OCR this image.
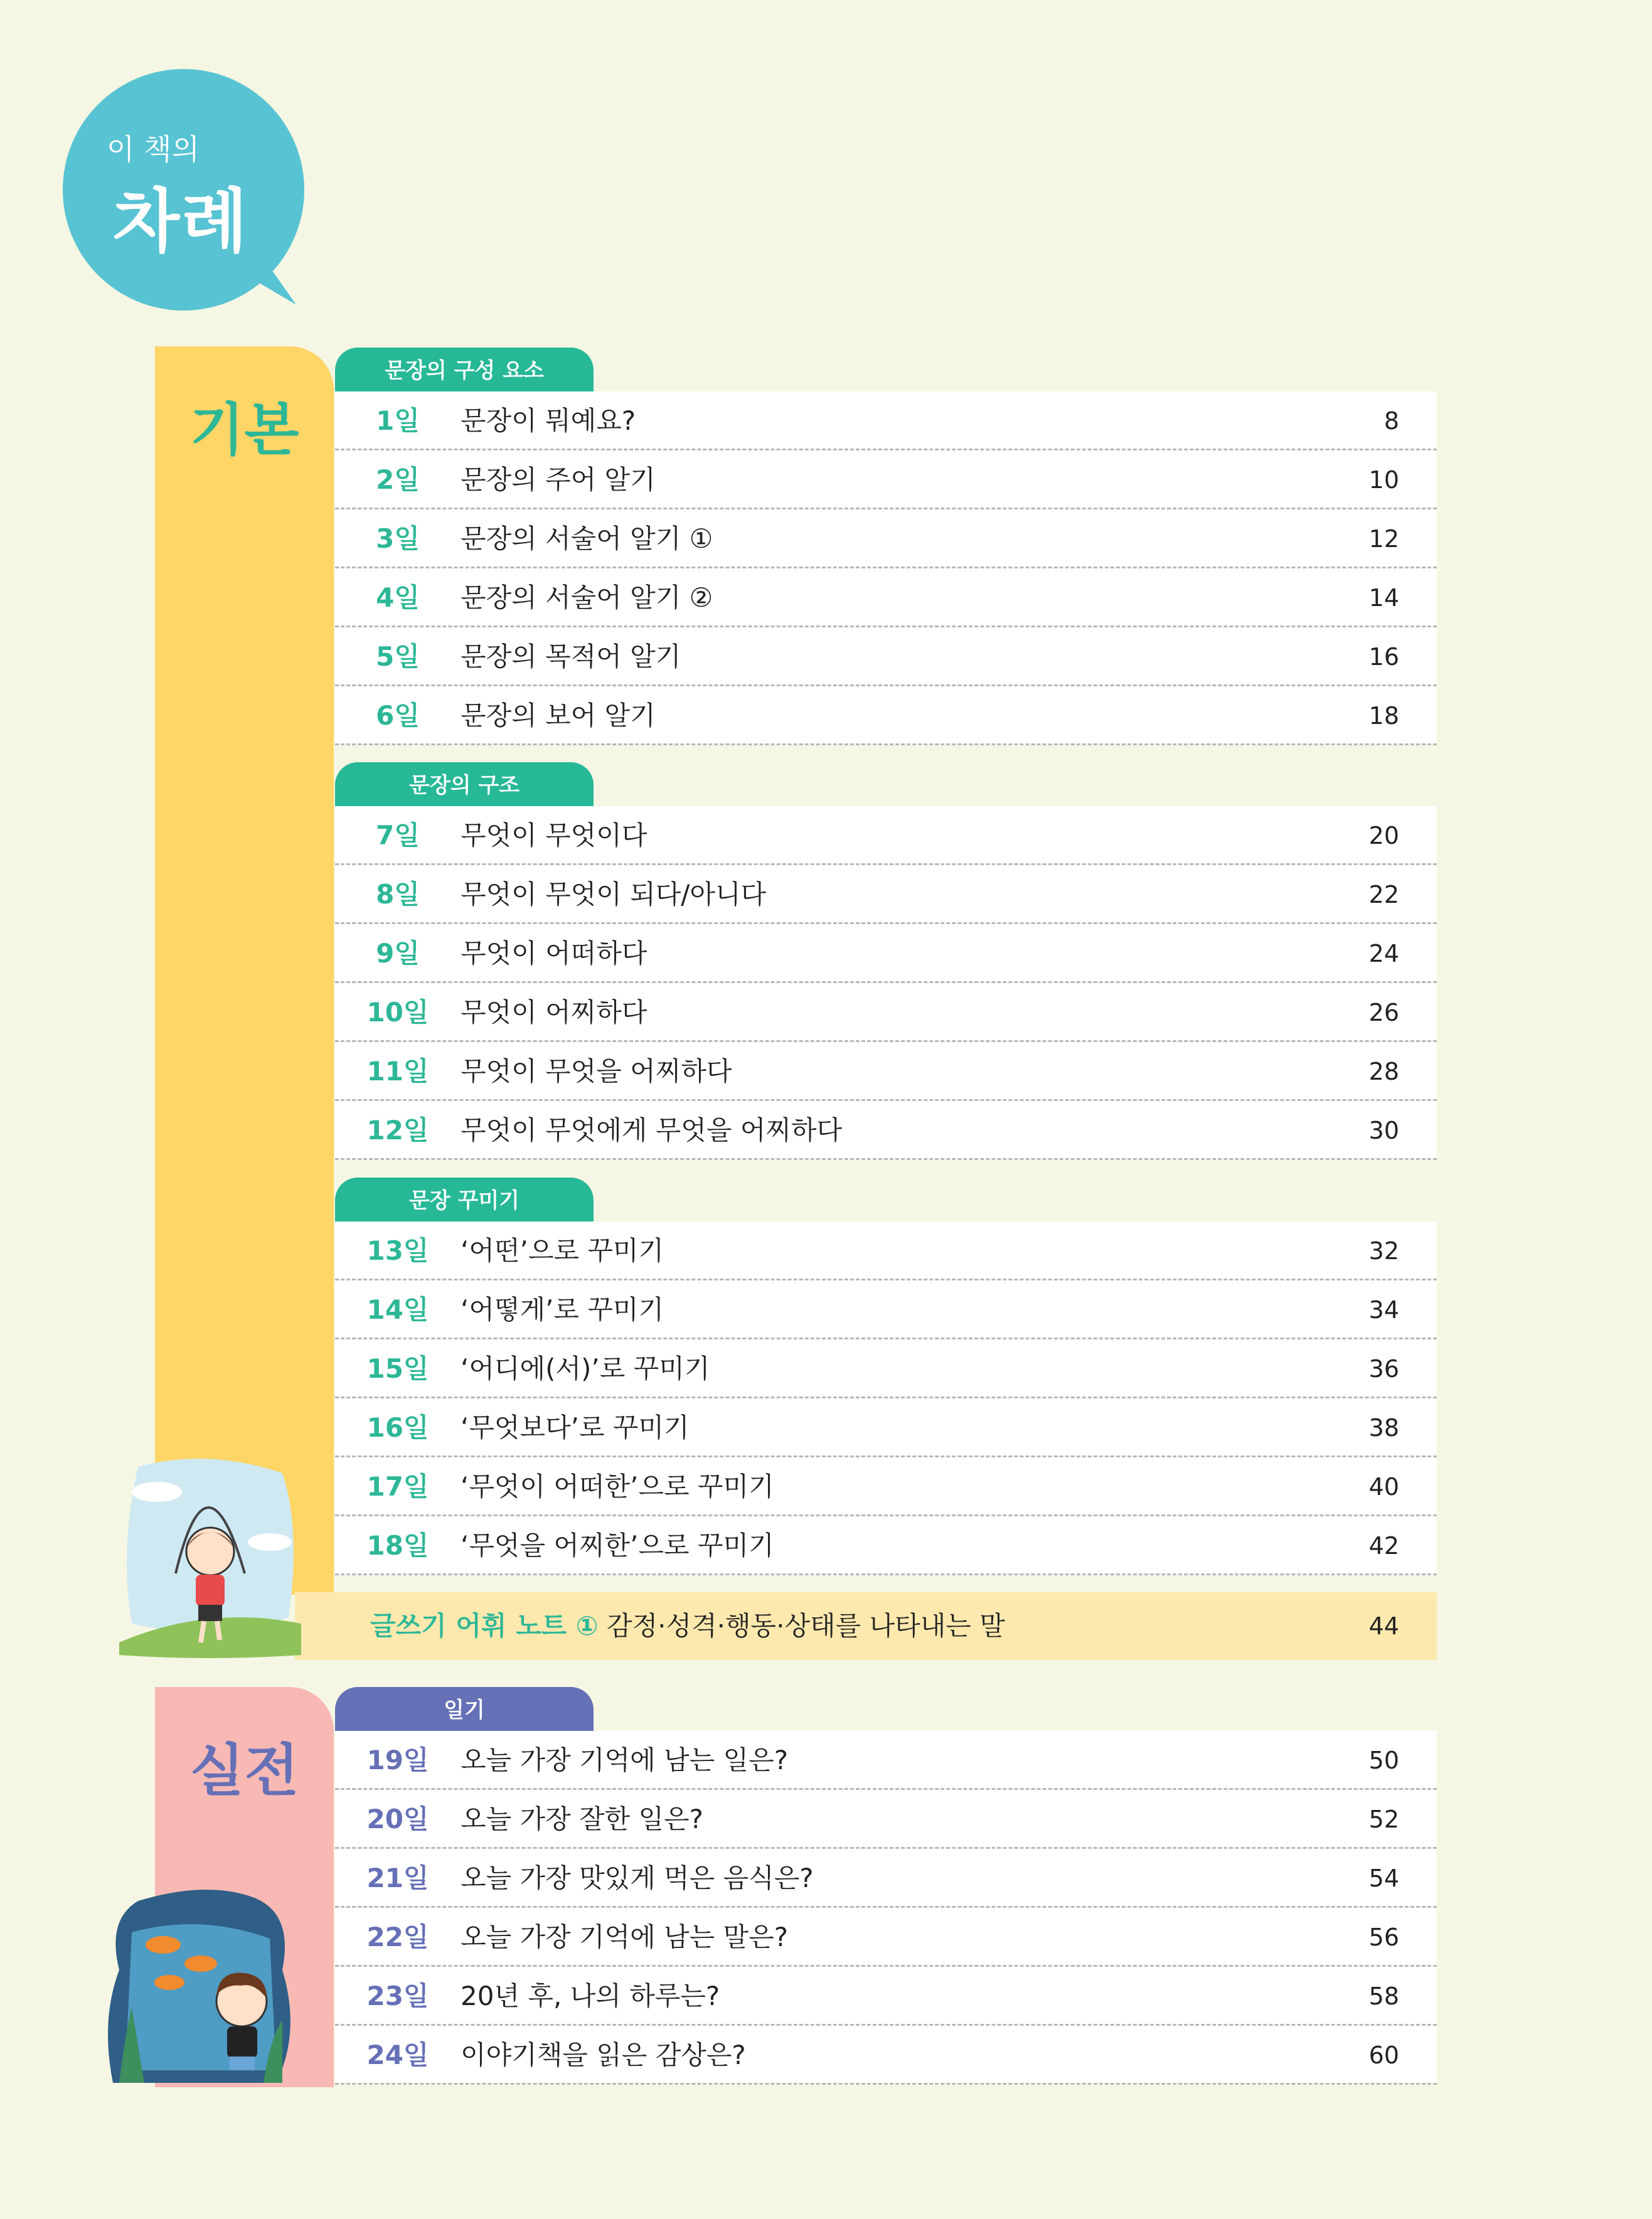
이 책의
차례
기본
실전
문장의 구성 요소
1일	문장이 뭐예요?	8
2일	문장의 주어 알기	10
3일	문장의 서술어 알기 ①	12
4일	문장의 서술어 알기 ②	14
5일	문장의 목적어 알기	16
6일	문장의 보어 알기	18
문장의 구조
7일	무엇이 무엇이다	20
8일	무엇이 무엇이 되다/아니다	22
9일	무엇이 어떠하다	24
10일	무엇이 어찌하다	26
11일	무엇이 무엇을 어찌하다	28
12일	무엇이 무엇에게 무엇을 어찌하다	30
문장 꾸미기
13일	‘어떤’으로 꾸미기	32
14일	‘어떻게’로 꾸미기	34
15일	‘어디에(서)’로 꾸미기	36
16일	‘무엇보다’로 꾸미기	38
17일	‘무엇이 어떠한’으로 꾸미기	40
18일	‘무엇을 어찌한’으로 꾸미기	42
글쓰기 어휘 노트 ① 감정·성격·행동·상태를 나타내는 말	44
일기
19일	오늘 가장 기억에 남는 일은?	50
20일	오늘 가장 잘한 일은?	52
21일	오늘 가장 맛있게 먹은 음식은?	54
22일	오늘 가장 기억에 남는 말은?	56
23일	20년 후, 나의 하루는?	58
24일	이야기책을 읽은 감상은?	60
